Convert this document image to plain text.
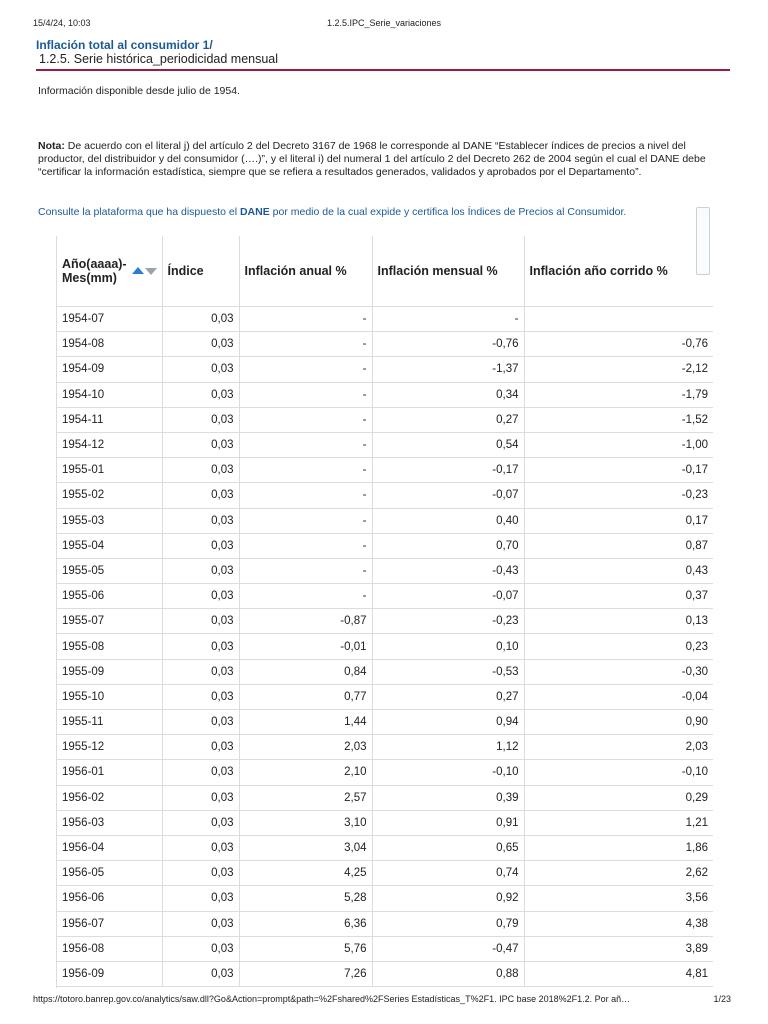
15/4/24, 10:03	1.2.5.IPC_Serie_variaciones
Inflación total al consumidor 1/
1.2.5. Serie histórica_periodicidad mensual
Información disponible desde julio de 1954.
Nota: De acuerdo con el literal j) del artículo 2 del Decreto 3167 de 1968 le corresponde al DANE “Establecer índices de precios a nivel del productor, del distribuidor y del consumidor (….)”, y el literal i) del numeral 1 del artículo 2 del Decreto 262 de 2004 según el cual el DANE debe “certificar la información estadística, siempre que se refiera a resultados generados, validados y aprobados por el Departamento”.
Consulte la plataforma que ha dispuesto el DANE por medio de la cual expide y certifica los Índices de Precios al Consumidor.
Año(aaaa)-Mes(mm)	Índice	Inflación anual %	Inflación mensual %	Inflación año corrido %
1954-07	0,03	-	-	
1954-08	0,03	-	-0,76	-0,76
1954-09	0,03	-	-1,37	-2,12
1954-10	0,03	-	0,34	-1,79
1954-11	0,03	-	0,27	-1,52
1954-12	0,03	-	0,54	-1,00
1955-01	0,03	-	-0,17	-0,17
1955-02	0,03	-	-0,07	-0,23
1955-03	0,03	-	0,40	0,17
1955-04	0,03	-	0,70	0,87
1955-05	0,03	-	-0,43	0,43
1955-06	0,03	-	-0,07	0,37
1955-07	0,03	-0,87	-0,23	0,13
1955-08	0,03	-0,01	0,10	0,23
1955-09	0,03	0,84	-0,53	-0,30
1955-10	0,03	0,77	0,27	-0,04
1955-11	0,03	1,44	0,94	0,90
1955-12	0,03	2,03	1,12	2,03
1956-01	0,03	2,10	-0,10	-0,10
1956-02	0,03	2,57	0,39	0,29
1956-03	0,03	3,10	0,91	1,21
1956-04	0,03	3,04	0,65	1,86
1956-05	0,03	4,25	0,74	2,62
1956-06	0,03	5,28	0,92	3,56
1956-07	0,03	6,36	0,79	4,38
1956-08	0,03	5,76	-0,47	3,89
1956-09	0,03	7,26	0,88	4,81
https://totoro.banrep.gov.co/analytics/saw.dll?Go&Action=prompt&path=%2Fshared%2FSeries Estadísticas_T%2F1. IPC base 2018%2F1.2. Por añ…	1/23
